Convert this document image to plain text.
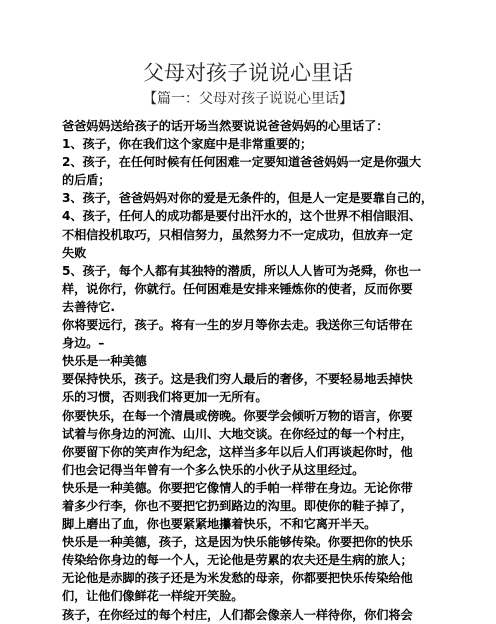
父母对孩子说说心里话
【篇一：父母对孩子说说心里话】
爸爸妈妈送给孩子的话开场当然要说说爸爸妈妈的心里话了：
1、孩子，你在我们这个家庭中是非常重要的；
2、孩子，在任何时候有任何困难一定要知道爸爸妈妈一定是你强大
的后盾；
3、孩子，爸爸妈妈对你的爱是无条件的，但是人一定是要靠自己的，
4、孩子，任何人的成功都是要付出汗水的，这个世界不相信眼泪、
不相信投机取巧，只相信努力，虽然努力不一定成功，但放弃一定
失败
5、孩子，每个人都有其独特的潜质，所以人人皆可为尧舜，你也一
样，说你行，你就行。任何困难是安排来锤炼你的使者，反而你要
去善待它.
你将要远行，孩子。将有一生的岁月等你去走。我送你三句话带在
身边。–
快乐是一种美德
要保持快乐，孩子。这是我们穷人最后的奢侈，不要轻易地丢掉快
乐的习惯，否则我们将更加一无所有。
你要快乐，在每一个清晨或傍晚。你要学会倾听万物的语言，你要
试着与你身边的河流、山川、大地交谈。在你经过的每一个村庄，
你要留下你的笑声作为纪念，这样当多年以后人们再谈起你时，他
们也会记得当年曾有一个多么快乐的小伙子从这里经过。
快乐是一种美德。你要把它像情人的手帕一样带在身边。无论你带
着多少行李，你也不要把它扔到路边的沟里。即使你的鞋子掉了，
脚上磨出了血，你也要紧紧地攥着快乐，不和它离开半天。
快乐是一种美德，孩子，这是因为快乐能够传染。你要把你的快乐
传染给你身边的每一个人，无论他是劳累的农夫还是生病的旅人；
无论他是赤脚的孩子还是为米发愁的母亲，你都要把快乐传染给他
们，让他们像鲜花一样绽开笑脸。
孩子，在你经过的每个村庄，人们都会像亲人一样待你，你们将会
